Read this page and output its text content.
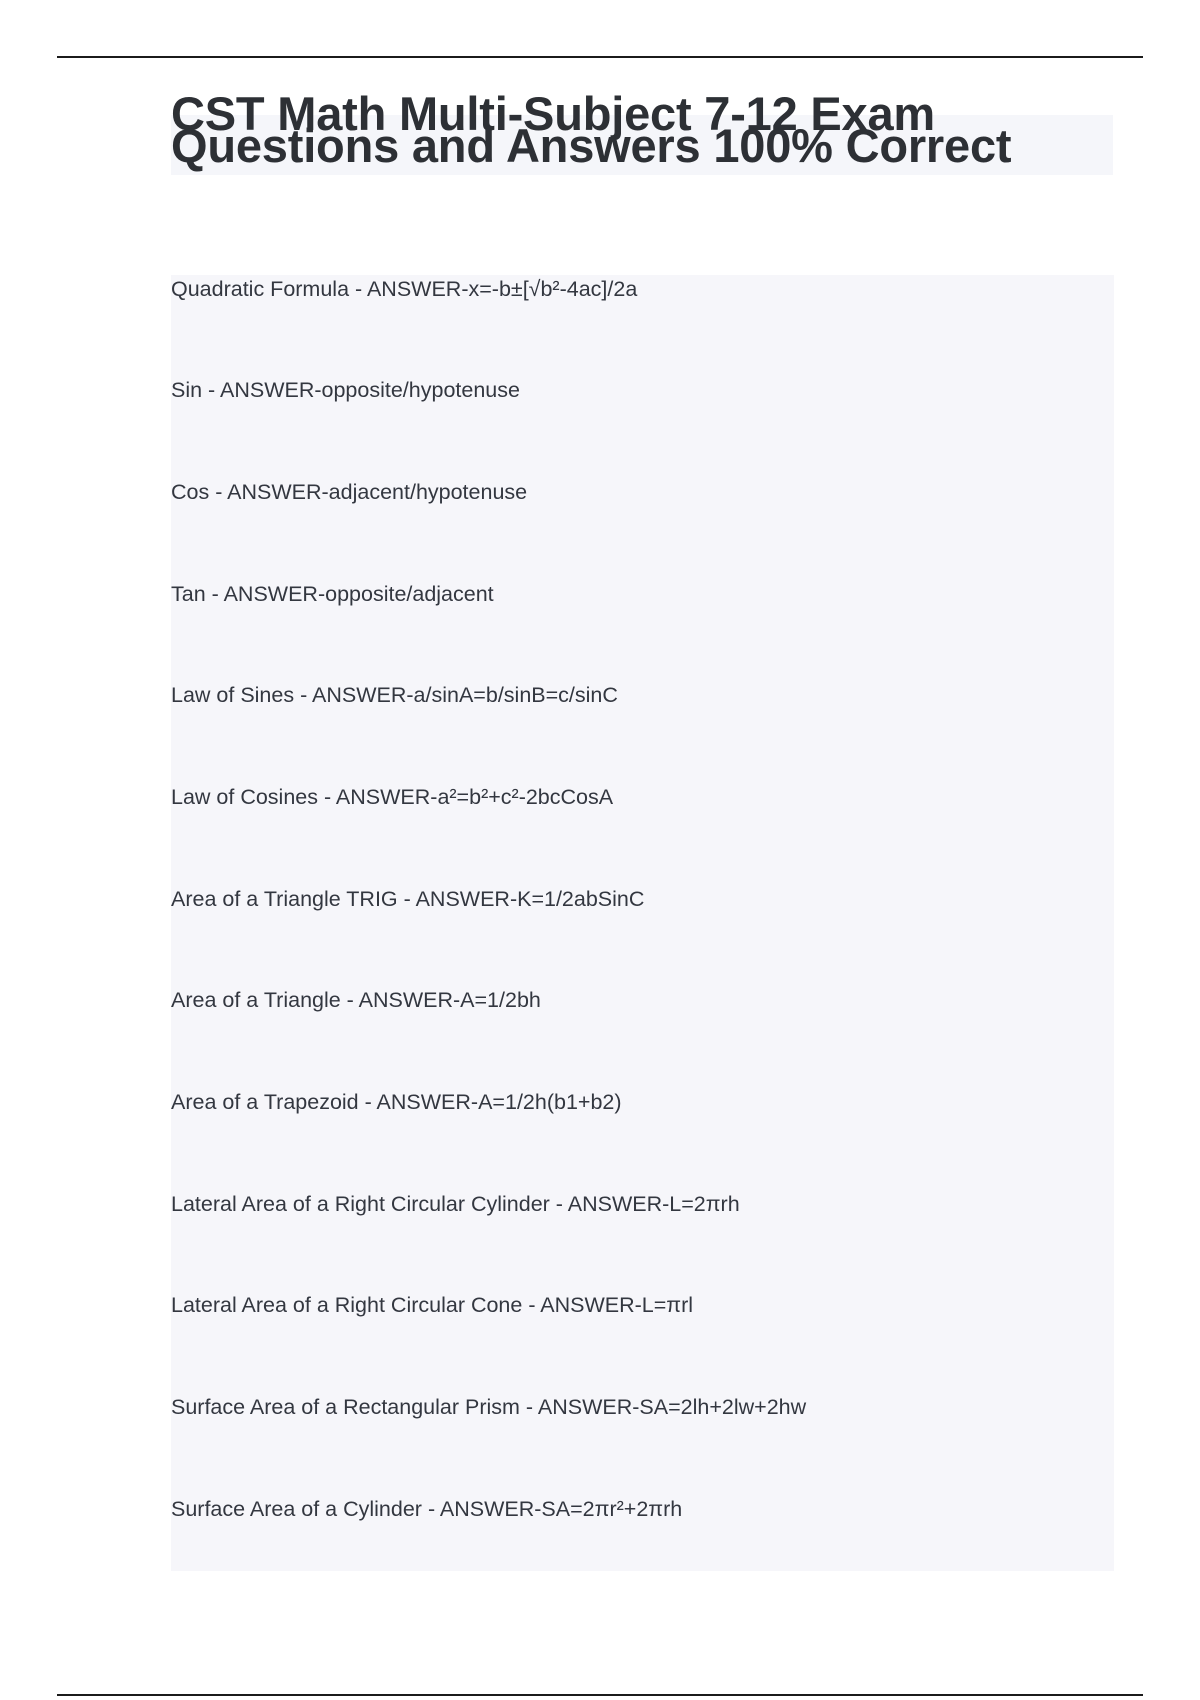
CST Math Multi-Subject 7-12 Exam Questions and Answers 100% Correct
Quadratic Formula - ANSWER-x=-b±[√b²-4ac]/2a
Sin - ANSWER-opposite/hypotenuse
Cos - ANSWER-adjacent/hypotenuse
Tan - ANSWER-opposite/adjacent
Law of Sines - ANSWER-a/sinA=b/sinB=c/sinC
Law of Cosines - ANSWER-a²=b²+c²-2bcCosA
Area of a Triangle TRIG - ANSWER-K=1/2abSinC
Area of a Triangle - ANSWER-A=1/2bh
Area of a Trapezoid - ANSWER-A=1/2h(b1+b2)
Lateral Area of a Right Circular Cylinder - ANSWER-L=2πrh
Lateral Area of a Right Circular Cone - ANSWER-L=πrl
Surface Area of a Rectangular Prism - ANSWER-SA=2lh+2lw+2hw
Surface Area of a Cylinder - ANSWER-SA=2πr²+2πrh
